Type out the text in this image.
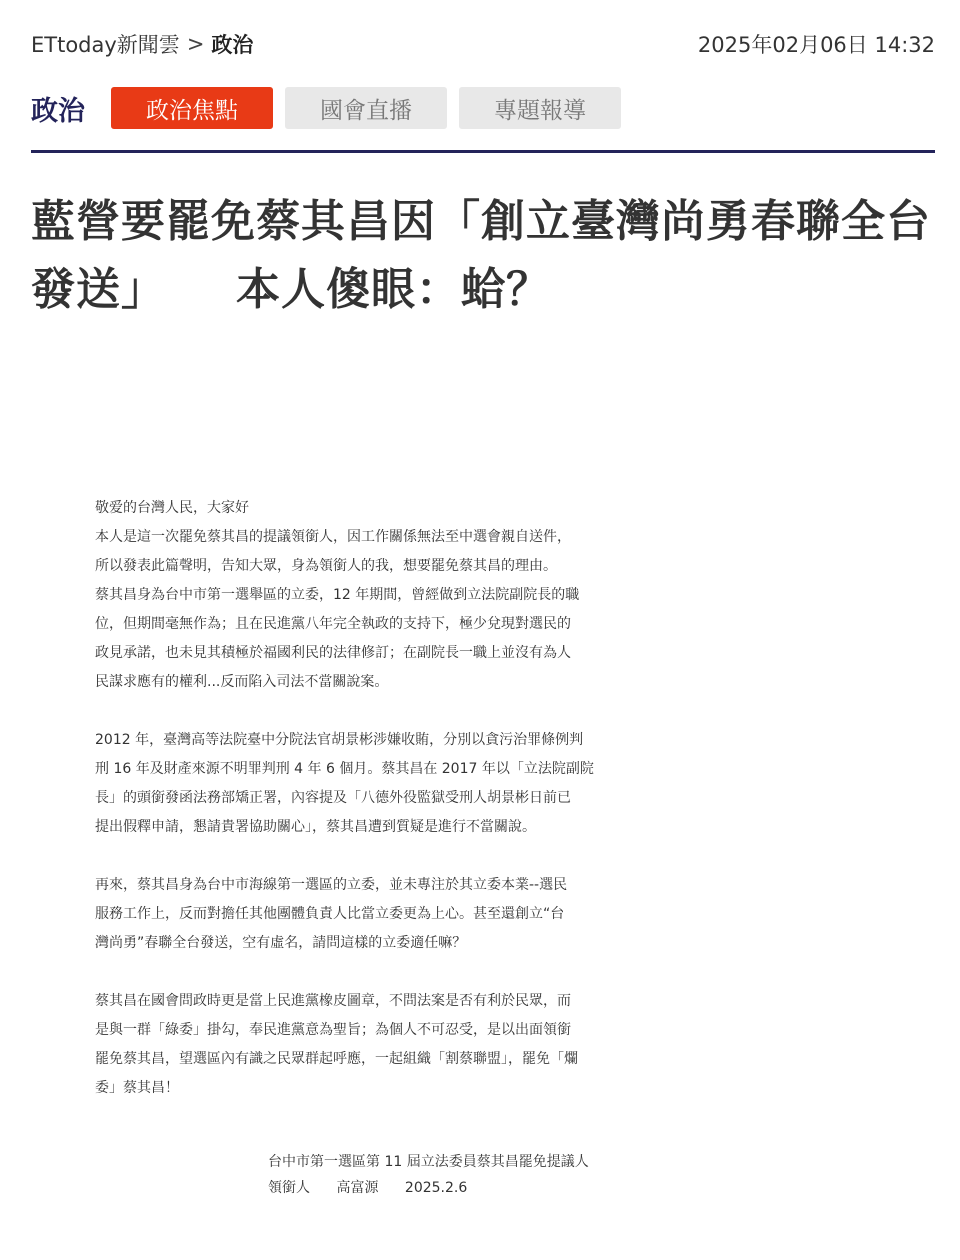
ETtoday新聞雲 > 政治	2025年02月06日 14:32
政治	政治焦點	國會直播	專題報導
藍營要罷免蔡其昌因「創立臺灣尚勇春聯全台發送」 本人傻眼：蛤？

敬爱的台灣人民，大家好

本人是這一次罷免蔡其昌的提議領銜人，因工作關係無法至中選會親自送件，

所以發表此篇聲明，告知大眾，身為領銜人的我，想要罷免蔡其昌的理由。

蔡其昌身為台中市第一選舉區的立委，12 年期間，曾經做到立法院副院長的職

位，但期間毫無作為；且在民進黨八年完全執政的支持下，極少兌現對選民的

政見承諾，也未見其積極於福國利民的法律修訂；在副院長一職上並沒有為人

民謀求應有的權利...反而陷入司法不當關說案。

2012 年，臺灣高等法院臺中分院法官胡景彬涉嫌收賄，分別以貪污治罪條例判

刑 16 年及財產來源不明罪判刑 4 年 6 個月。蔡其昌在 2017 年以「立法院副院

長」的頭銜發函法務部矯正署，內容提及「八德外役監獄受刑人胡景彬日前已

提出假釋申請，懇請貴署協助關心」，蔡其昌遭到質疑是進行不當關說。

再來，蔡其昌身為台中市海線第一選區的立委，並未專注於其立委本業--選民

服務工作上，反而對擔任其他團體負責人比當立委更為上心。甚至還創立“台

灣尚勇”春聯全台發送，空有虛名，請問這樣的立委適任嘛？

蔡其昌在國會問政時更是當上民進黨橡皮圖章，不問法案是否有利於民眾，而

是與一群「綠委」掛勾，奉民進黨意為聖旨；為個人不可忍受，是以出面領銜

罷免蔡其昌，望選區內有識之民眾群起呼應，一起組織「割蔡聯盟」，罷免「爛

委」蔡其昌！

台中市第一選區第 11 屆立法委員蔡其昌罷免提議人
領銜人 高富源 2025.2.6
